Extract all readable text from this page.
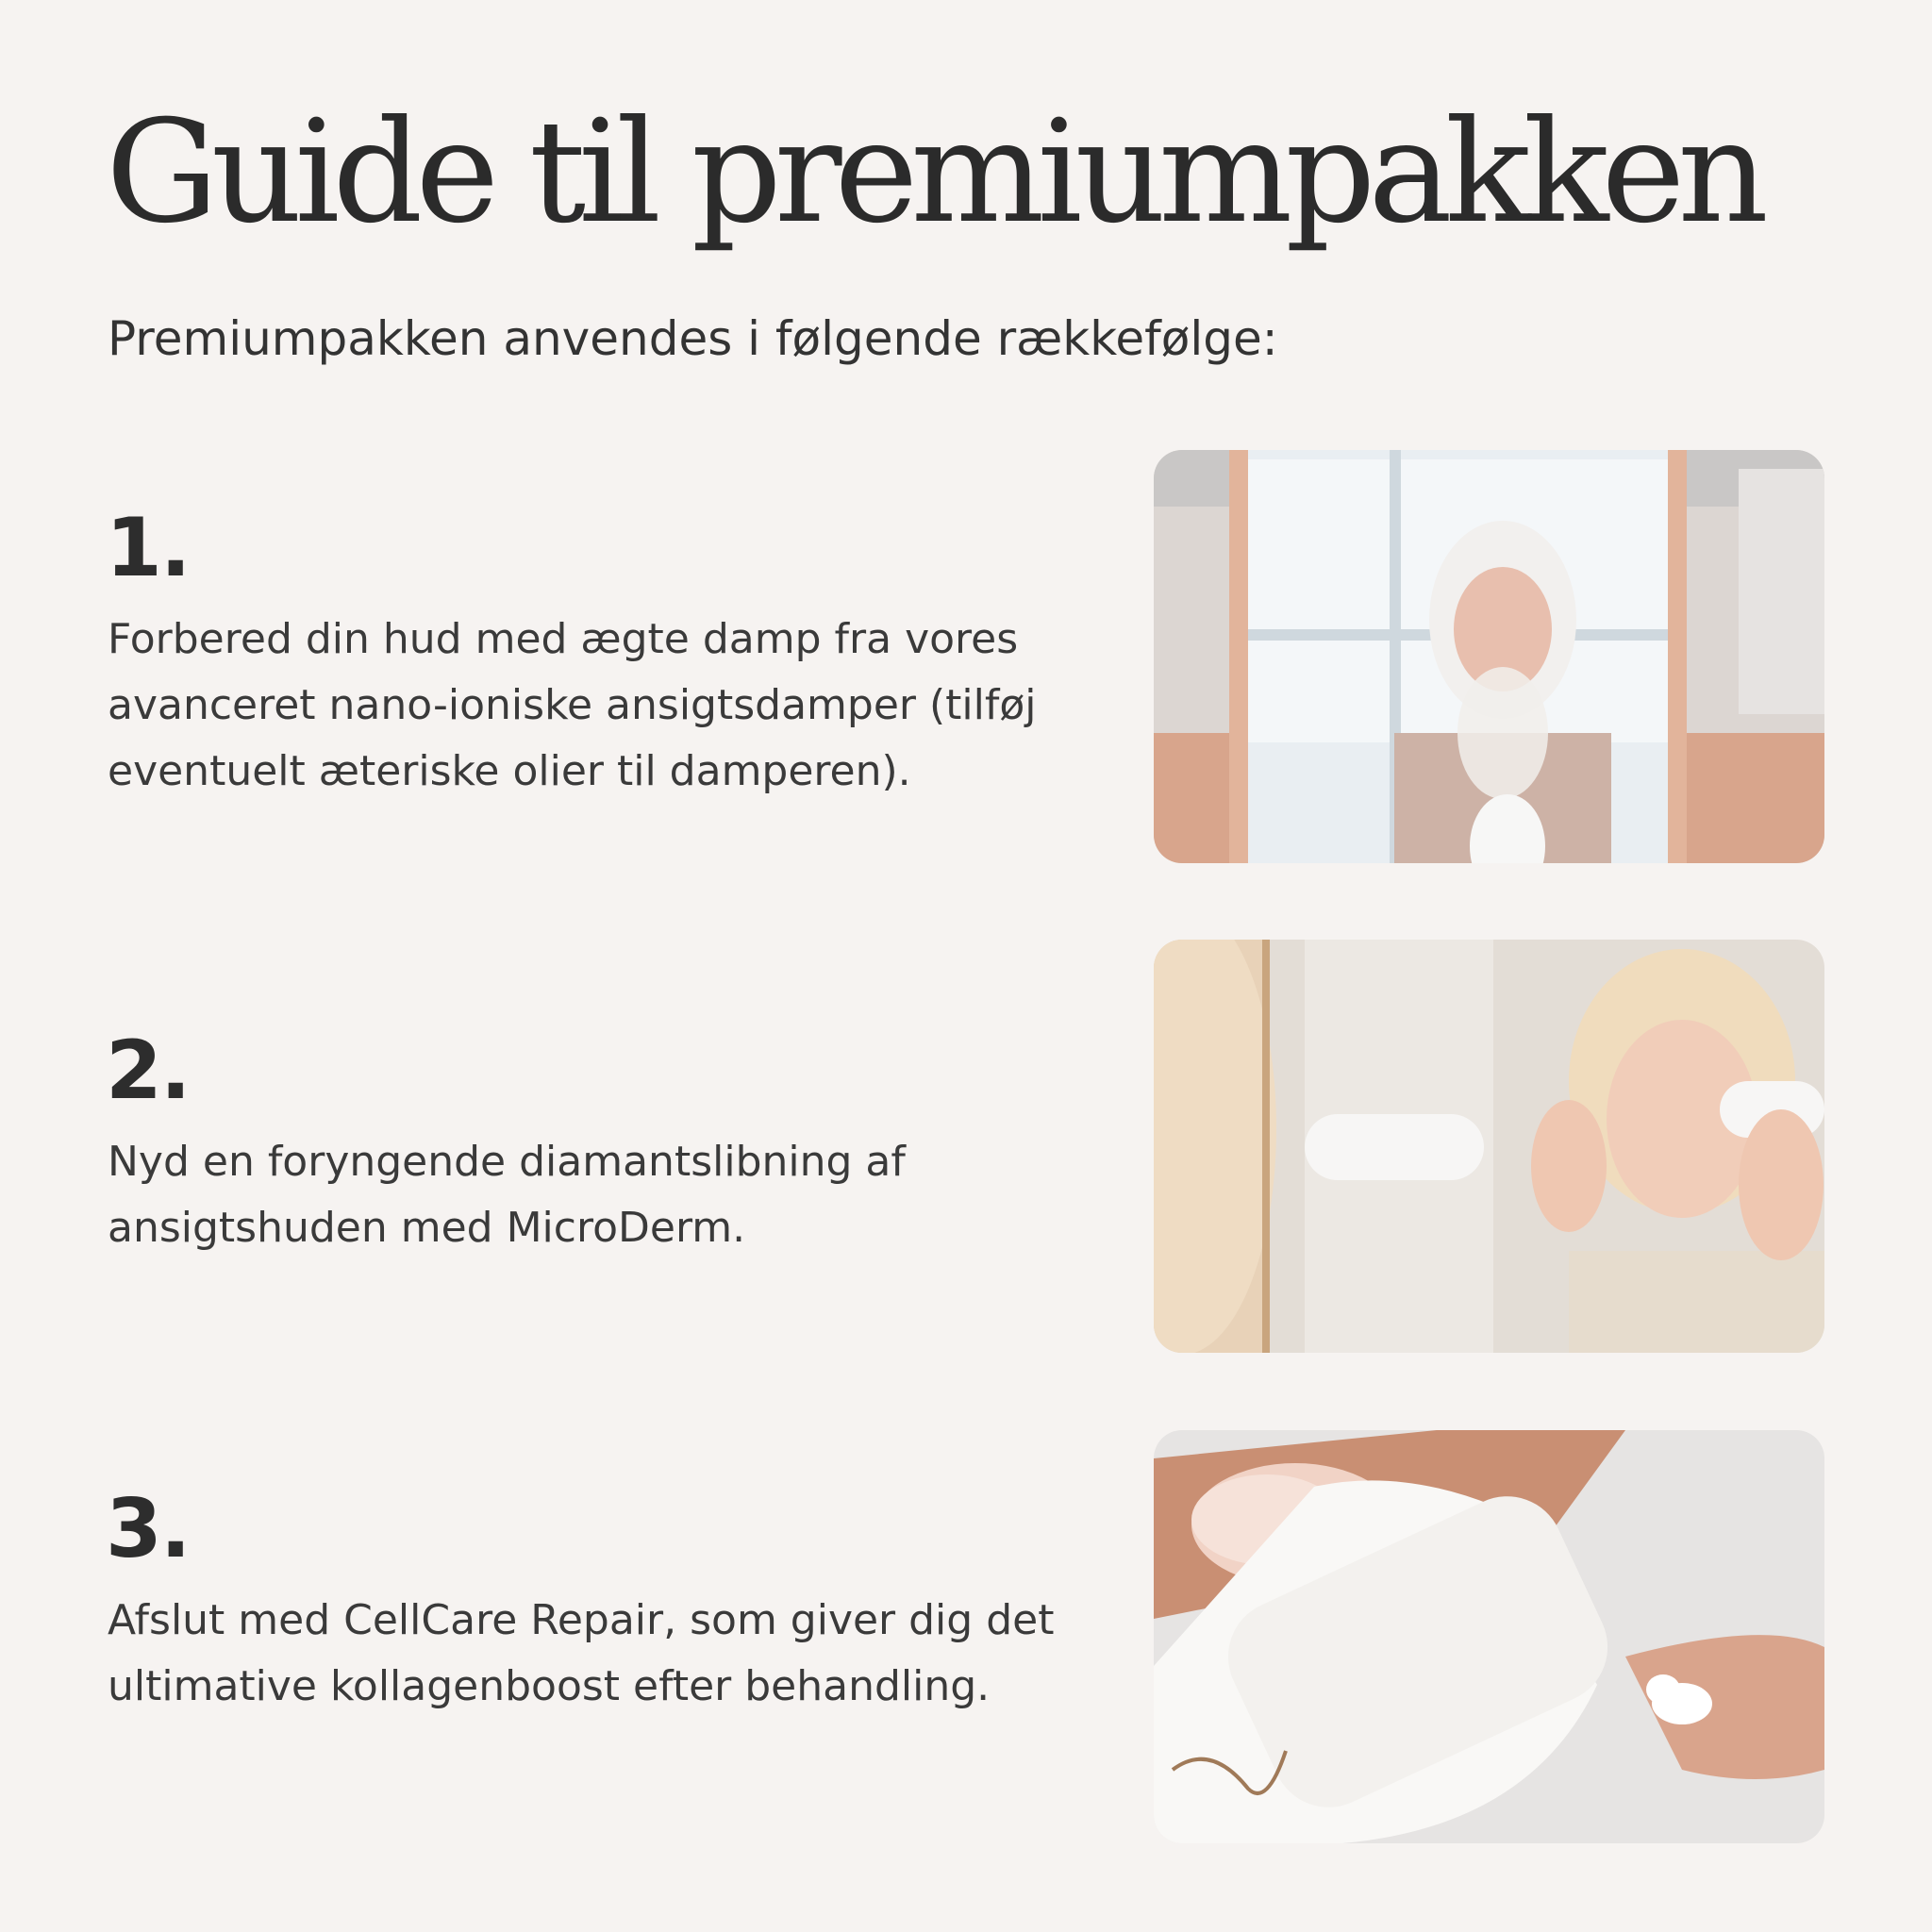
Guide til premiumpakken

Premiumpakken anvendes i følgende rækkefølge:

1.

Forbered din hud med ægte damp fra vores avanceret nano-ioniske ansigtsdamper (tilføj eventuelt æteriske olier til damperen).

2.

Nyd en foryngende diamantslibning af ansigtshuden med MicroDerm.

3.

Afslut med CellCare Repair, som giver dig det ultimative kollagenboost efter behandling.
